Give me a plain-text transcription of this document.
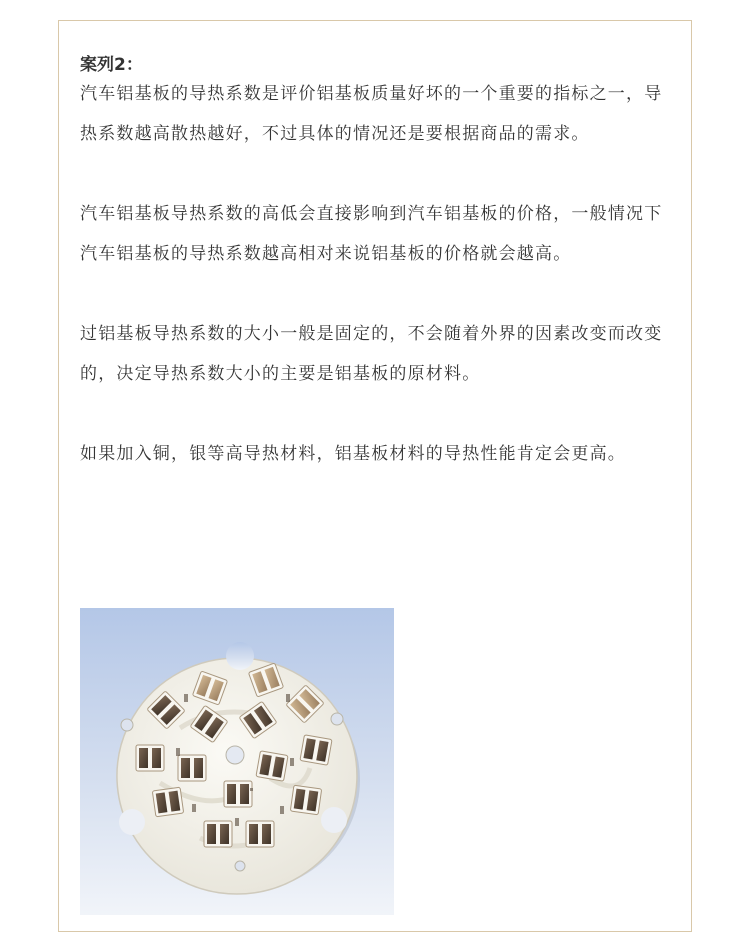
案列2：

汽车铝基板的导热系数是评价铝基板质量好坏的一个重要的指标之一，导热系数越高散热越好，不过具体的情况还是要根据商品的需求。

汽车铝基板导热系数的高低会直接影响到汽车铝基板的价格，一般情况下汽车铝基板的导热系数越高相对来说铝基板的价格就会越高。

过铝基板导热系数的大小一般是固定的，不会随着外界的因素改变而改变的，决定导热系数大小的主要是铝基板的原材料。

如果加入铜，银等高导热材料，铝基板材料的导热性能肯定会更高。
